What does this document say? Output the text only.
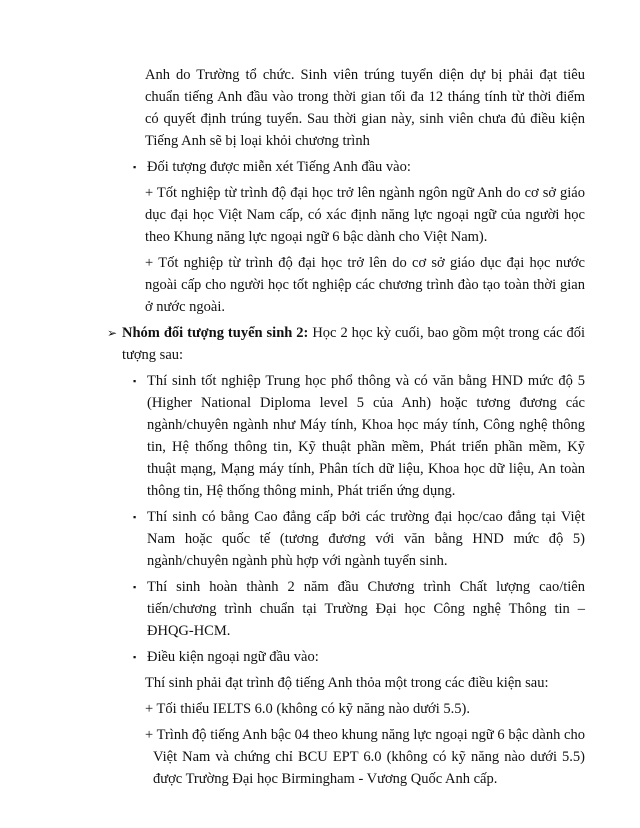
Anh do Trường tổ chức. Sinh viên trúng tuyển diện dự bị phải đạt tiêu chuẩn tiếng Anh đầu vào trong thời gian tối đa 12 tháng tính từ thời điểm có quyết định trúng tuyển. Sau thời gian này, sinh viên chưa đủ điều kiện Tiếng Anh sẽ bị loại khỏi chương trình

▪ Đối tượng được miễn xét Tiếng Anh đầu vào:

+ Tốt nghiệp từ trình độ đại học trở lên ngành ngôn ngữ Anh do cơ sở giáo dục đại học Việt Nam cấp, có xác định năng lực ngoại ngữ của người học theo Khung năng lực ngoại ngữ 6 bậc dành cho Việt Nam).

+ Tốt nghiệp từ trình độ đại học trở lên do cơ sở giáo dục đại học nước ngoài cấp cho người học tốt nghiệp các chương trình đào tạo toàn thời gian ở nước ngoài.

➢ Nhóm đối tượng tuyển sinh 2: Học 2 học kỳ cuối, bao gồm một trong các đối tượng sau:
▪ Thí sinh tốt nghiệp Trung học phổ thông và có văn bằng HND mức độ 5 (Higher National Diploma level 5 của Anh) hoặc tương đương các ngành/chuyên ngành như Máy tính, Khoa học máy tính, Công nghệ thông tin, Hệ thống thông tin, Kỹ thuật phần mềm, Phát triển phần mềm, Kỹ thuật mạng, Mạng máy tính, Phân tích dữ liệu, Khoa học dữ liệu, An toàn thông tin, Hệ thống thông minh, Phát triển ứng dụng.
▪ Thí sinh có bằng Cao đẳng cấp bởi các trường đại học/cao đẳng tại Việt Nam hoặc quốc tế (tương đương với văn bằng HND mức độ 5) ngành/chuyên ngành phù hợp với ngành tuyển sinh.
▪ Thí sinh hoàn thành 2 năm đầu Chương trình Chất lượng cao/tiên tiến/chương trình chuẩn tại Trường Đại học Công nghệ Thông tin – ĐHQG-HCM.
▪ Điều kiện ngoại ngữ đầu vào:

Thí sinh phải đạt trình độ tiếng Anh thỏa một trong các điều kiện sau:

+ Tối thiểu IELTS 6.0 (không có kỹ năng nào dưới 5.5).

+ Trình độ tiếng Anh bậc 04 theo khung năng lực ngoại ngữ 6 bậc dành cho Việt Nam và chứng chỉ BCU EPT 6.0 (không có kỹ năng nào dưới 5.5) được Trường Đại học Birmingham - Vương Quốc Anh cấp.
